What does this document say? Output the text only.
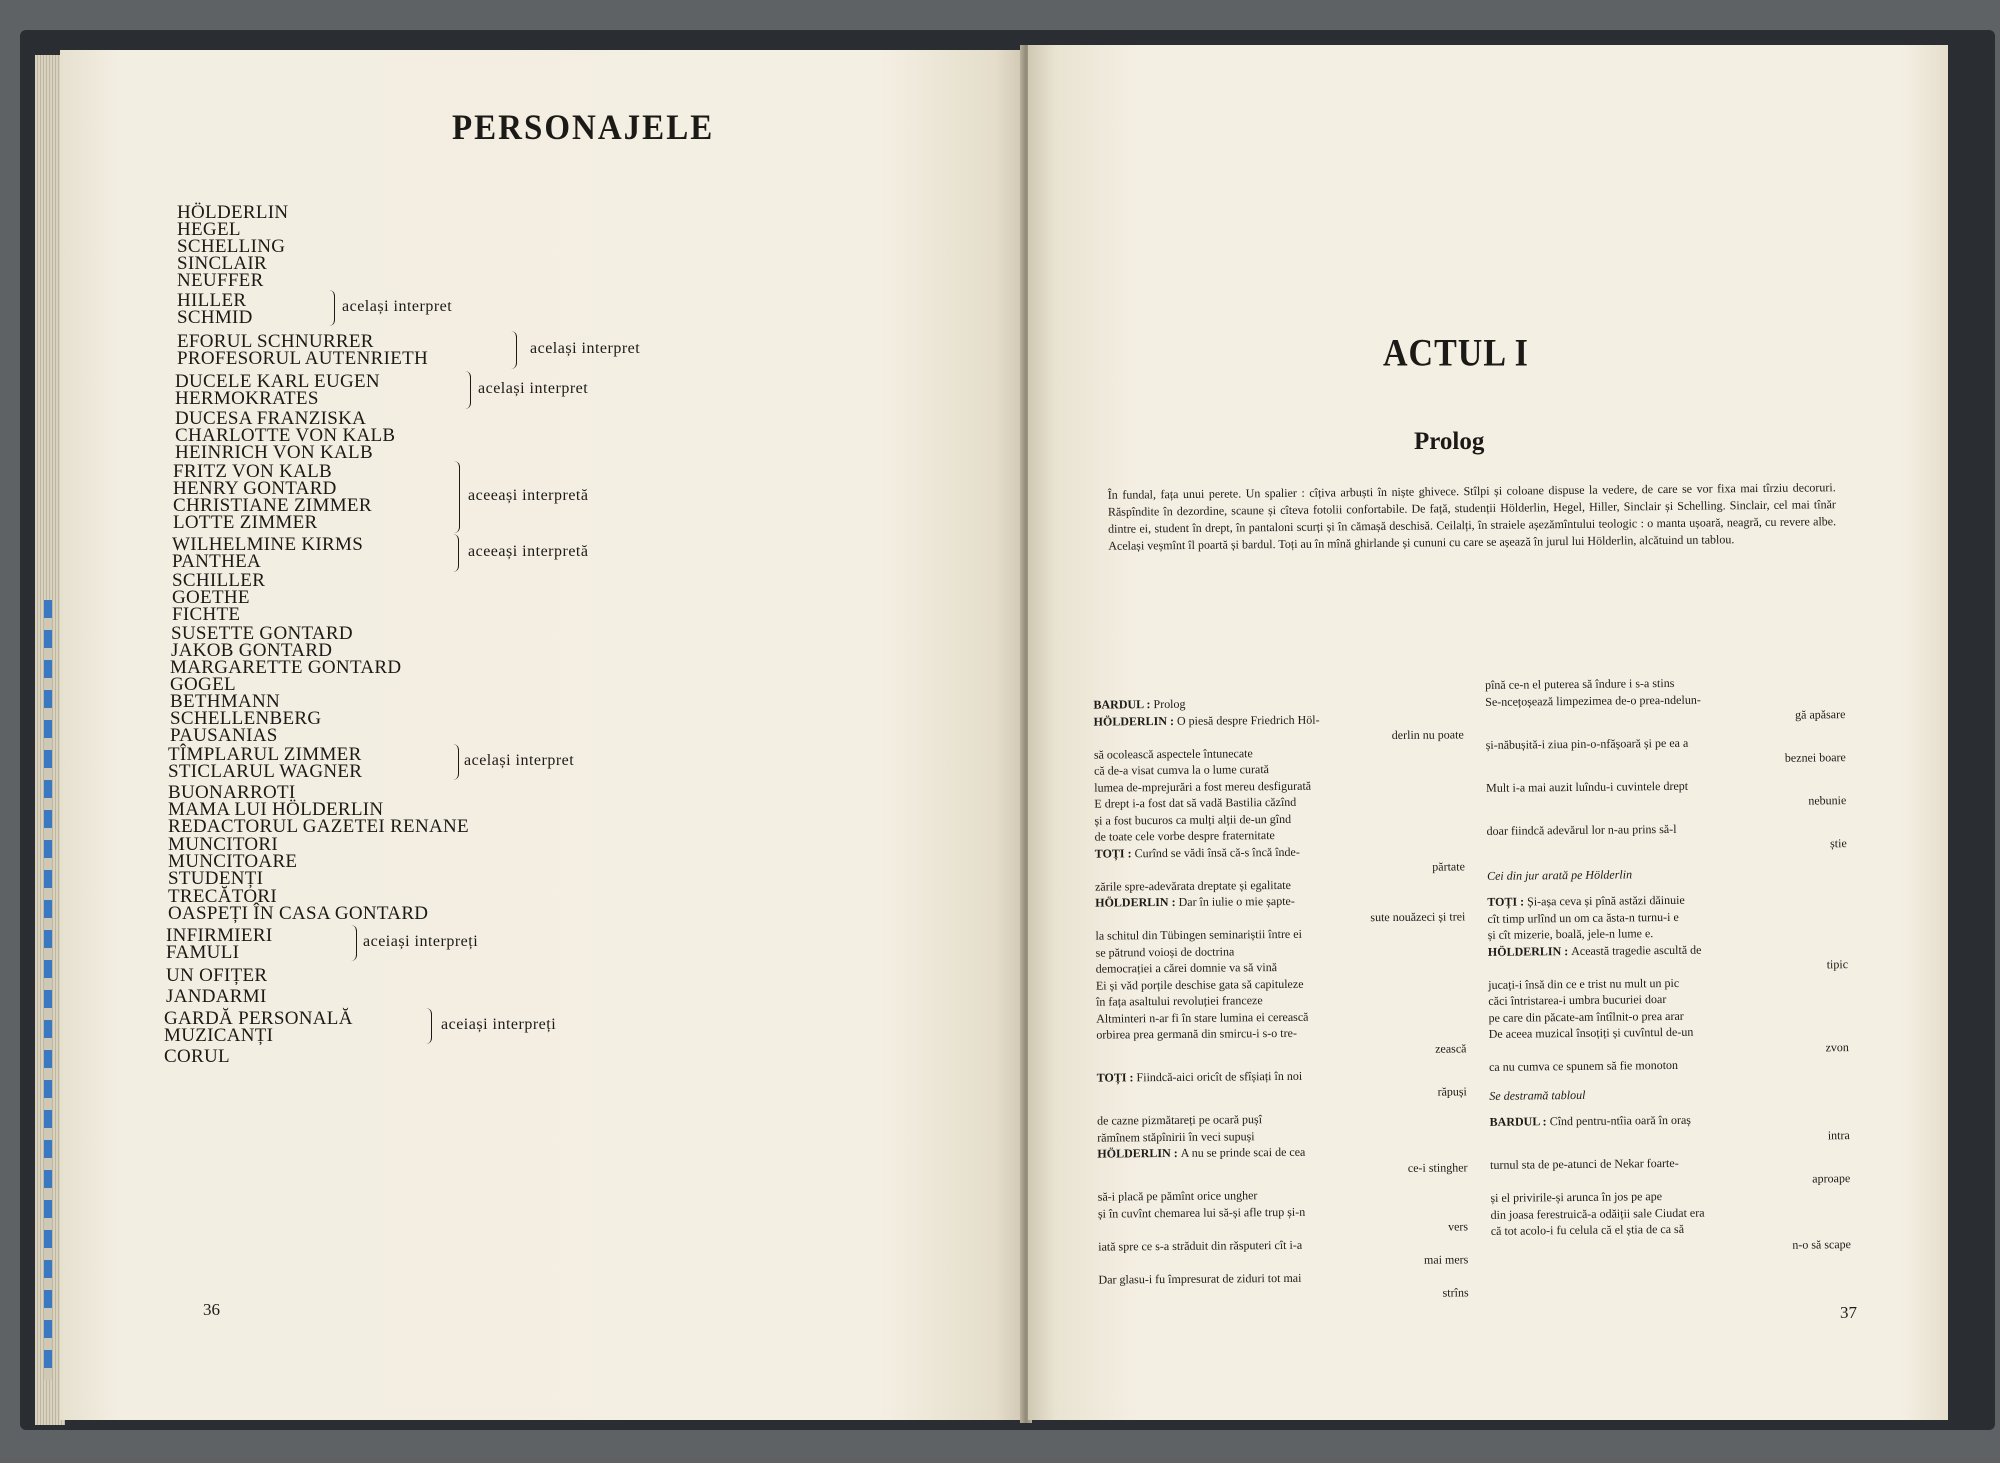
PERSONAJELE
HÖLDERLIN
HEGEL
SCHELLING
SINCLAIR
NEUFFER
HILLER
SCHMID
EFORUL SCHNURRER
PROFESORUL AUTENRIETH
DUCELE KARL EUGEN
HERMOKRATES
DUCESA FRANZISKA
CHARLOTTE VON KALB
HEINRICH VON KALB
FRITZ VON KALB
HENRY GONTARD
CHRISTIANE ZIMMER
LOTTE ZIMMER
WILHELMINE KIRMS
PANTHEA
SCHILLER
GOETHE
FICHTE
SUSETTE GONTARD
JAKOB GONTARD
MARGARETTE GONTARD
GOGEL
BETHMANN
SCHELLENBERG
PAUSANIAS
TÎMPLARUL ZIMMER
STICLARUL WAGNER
BUONARROTI
MAMA LUI HÖLDERLIN
REDACTORUL GAZETEI RENANE
MUNCITORI
MUNCITOARE
STUDENȚI
TRECĂTORI
OASPEȚI ÎN CASA GONTARD
INFIRMIERI
FAMULI
UN OFIȚER
JANDARMI
GARDĂ PERSONALĂ
MUZICANȚI
CORUL
același interpret
același interpret
același interpret
aceeași interpretă
aceeași interpretă
același interpret
aceiași interpreți
aceiași interpreți
36
ACTUL I
Prolog
În fundal, fața unui perete. Un spalier : cîțiva arbuști în niște ghivece. Stîlpi și coloane dispuse la vedere, de care se vor fixa mai tîrziu decoruri. Răspîndite în dezordine, scaune și cîteva fotolii confortabile. De față, studenții Hölderlin, Hegel, Hiller, Sinclair și Schelling. Sinclair, cel mai tînăr dintre ei, student în drept, în pantaloni scurți și în cămașă deschisă. Ceilalți, în straiele așezămîntului teologic : o manta ușoară, neagră, cu revere albe. Același veșmînt îl poartă și bardul. Toți au în mînă ghirlande și cununi cu care se așează în jurul lui Hölderlin, alcătuind un tablou.
BARDUL : Prolog
HÖLDERLIN : O piesă despre Friedrich Höl-
derlin nu poate
să ocolească aspectele întunecate
că de-a visat cumva la o lume curată
lumea de-mprejurări a fost mereu desfigurată
E drept i-a fost dat să vadă Bastilia căzînd
și a fost bucuros ca mulți alții de-un gînd
de toate cele vorbe despre fraternitate
TOȚI : Curînd se vădi însă că-s încă înde-
părtate
zările spre-adevărata dreptate și egalitate
HÖLDERLIN : Dar în iulie o mie șapte-
sute nouăzeci și trei
la schitul din Tübingen seminariștii între ei
se pătrund voioși de doctrina
democrației a cărei domnie va să vină
Ei și văd porțile deschise gata să capituleze
în fața asaltului revoluției franceze
Altminteri n-ar fi în stare lumina ei cerească
orbirea prea germană din smircu-i s-o tre-
zească
TOȚI : Fiindcă-aici oricît de sfîșiați în noi
răpuși
de cazne pizmătareți pe ocară pușî
rămînem stăpînirii în veci supuși
HÖLDERLIN : A nu se prinde scai de cea
ce-i stingher
să-i placă pe pămînt orice ungher
și în cuvînt chemarea lui să-și afle trup și-n
vers
iată spre ce s-a străduit din răsputeri cît i-a
mai mers
Dar glasu-i fu împresurat de ziduri tot mai
strîns
pînă ce-n el puterea să îndure i s-a stins
Se-ncețoșează limpezimea de-o prea-ndelun-
gă apăsare
și-năbușită-i ziua pin-o-nfășoară și pe ea a
beznei boare
Mult i-a mai auzit luîndu-i cuvintele drept
nebunie
doar fiindcă adevărul lor n-au prins să-l
știe
Cei din jur arată pe Hölderlin
TOȚI : Și-așa ceva și pînă astăzi dăinuie
cît timp urlînd un om ca ăsta-n turnu-i e
și cît mizerie, boală, jele-n lume e.
HÖLDERLIN : Această tragedie ascultă de
tipic
jucați-i însă din ce e trist nu mult un pic
căci întristarea-i umbra bucuriei doar
pe care din păcate-am întîlnit-o prea arar
De aceea muzical însoțiți și cuvîntul de-un
zvon
ca nu cumva ce spunem să fie monoton
Se destramă tabloul
BARDUL : Cînd pentru-ntîia oară în oraș
intra
turnul sta de pe-atunci de Nekar foarte-
aproape
și el privirile-și arunca în jos pe ape
din joasa ferestruică-a odăiții sale Ciudat era
că tot acolo-i fu celula că el știa de ca să
n-o să scape
37
